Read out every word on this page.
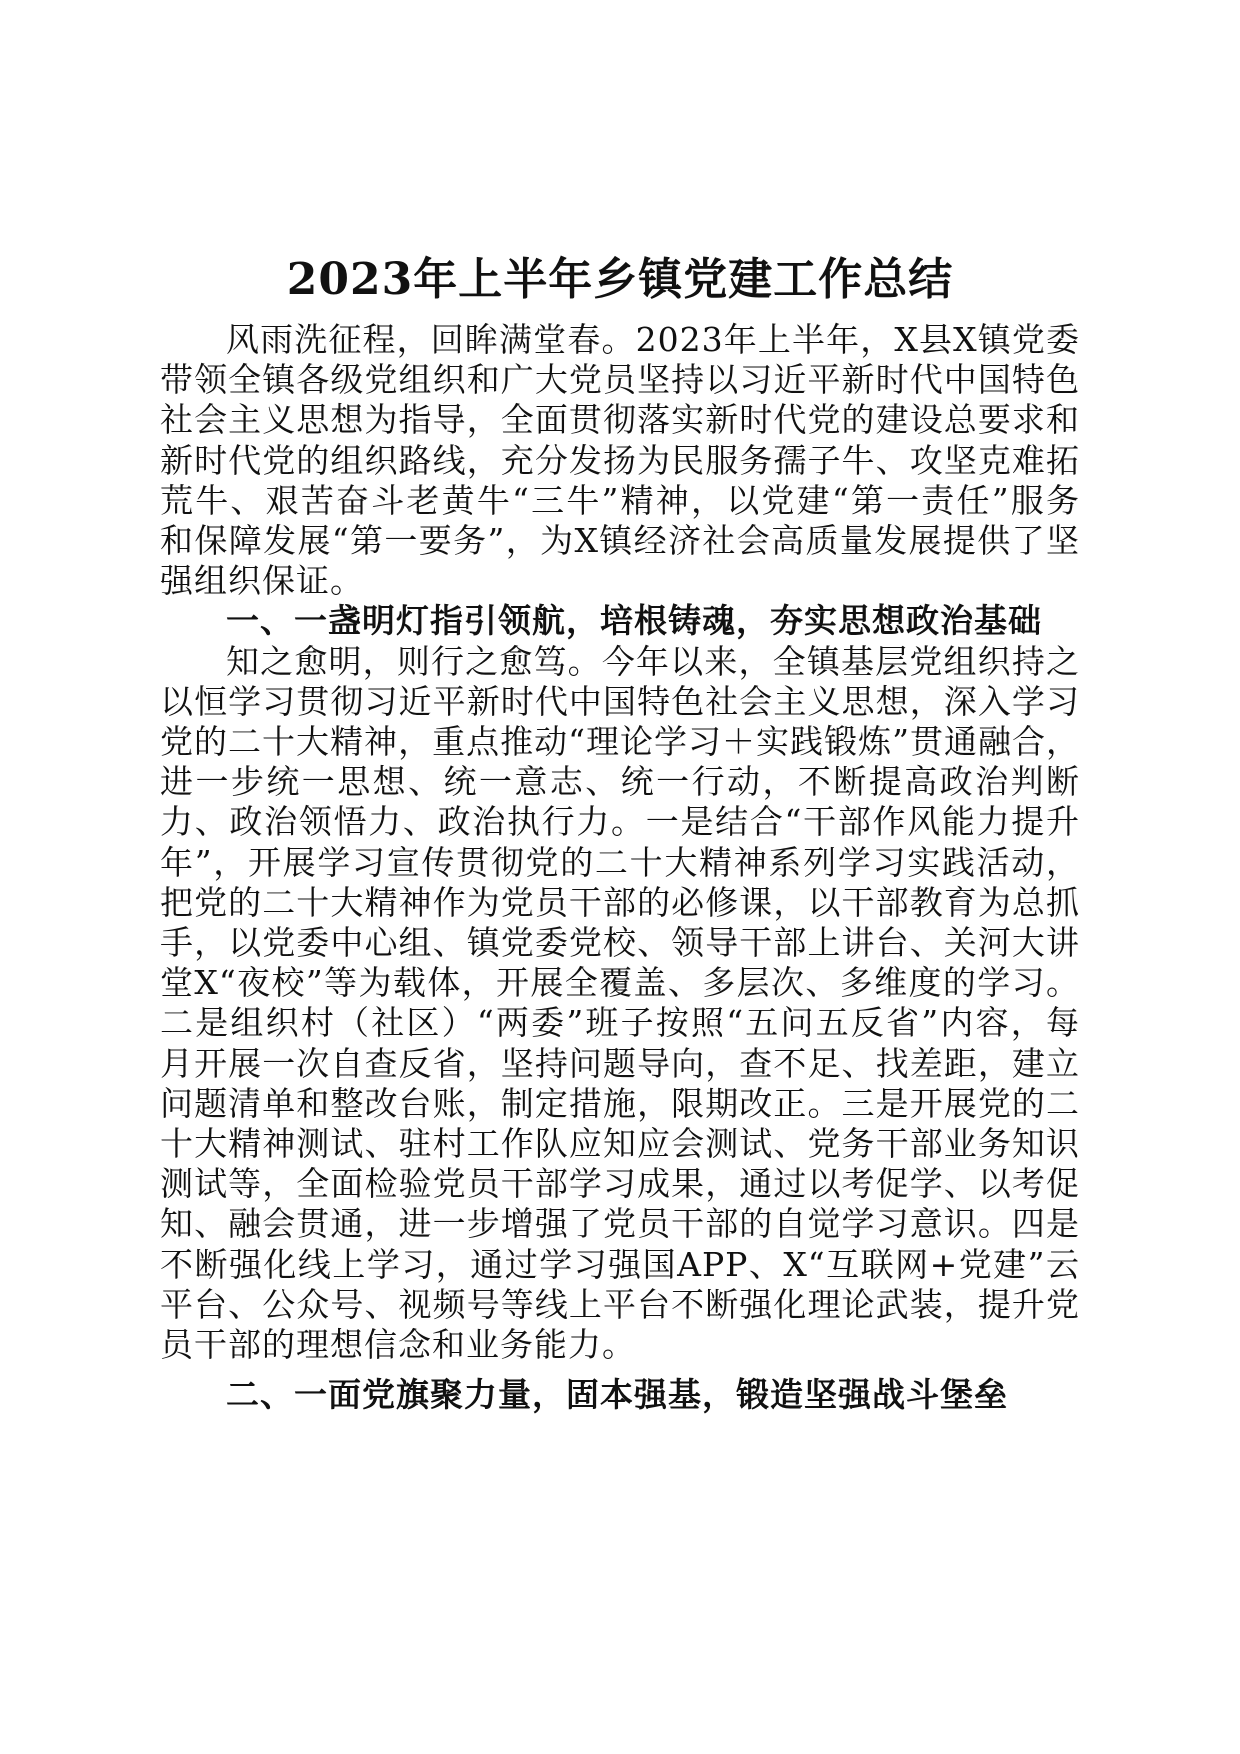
2023年上半年乡镇党建工作总结

风雨洗征程，回眸满堂春。2023年上半年，X县X镇党委带领全镇各级党组织和广大党员坚持以习近平新时代中国特色社会主义思想为指导，全面贯彻落实新时代党的建设总要求和新时代党的组织路线，充分发扬为民服务孺子牛、攻坚克难拓荒牛、艰苦奋斗老黄牛“三牛”精神，以党建“第一责任”服务和保障发展“第一要务”，为X镇经济社会高质量发展提供了坚强组织保证。

一、一盏明灯指引领航，培根铸魂，夯实思想政治基础

知之愈明，则行之愈笃。今年以来，全镇基层党组织持之以恒学习贯彻习近平新时代中国特色社会主义思想，深入学习党的二十大精神，重点推动“理论学习＋实践锻炼”贯通融合，进一步统一思想、统一意志、统一行动，不断提高政治判断力、政治领悟力、政治执行力。一是结合“干部作风能力提升年”，开展学习宣传贯彻党的二十大精神系列学习实践活动，把党的二十大精神作为党员干部的必修课，以干部教育为总抓手，以党委中心组、镇党委党校、领导干部上讲台、关河大讲堂X“夜校”等为载体，开展全覆盖、多层次、多维度的学习。二是组织村（社区）“两委”班子按照“五问五反省”内容，每月开展一次自查反省，坚持问题导向，查不足、找差距，建立问题清单和整改台账，制定措施，限期改正。三是开展党的二十大精神测试、驻村工作队应知应会测试、党务干部业务知识测试等，全面检验党员干部学习成果，通过以考促学、以考促知、融会贯通，进一步增强了党员干部的自觉学习意识。四是不断强化线上学习，通过学习强国APP、X“互联网+党建”云平台、公众号、视频号等线上平台不断强化理论武装，提升党员干部的理想信念和业务能力。

二、一面党旗聚力量，固本强基，锻造坚强战斗堡垒
